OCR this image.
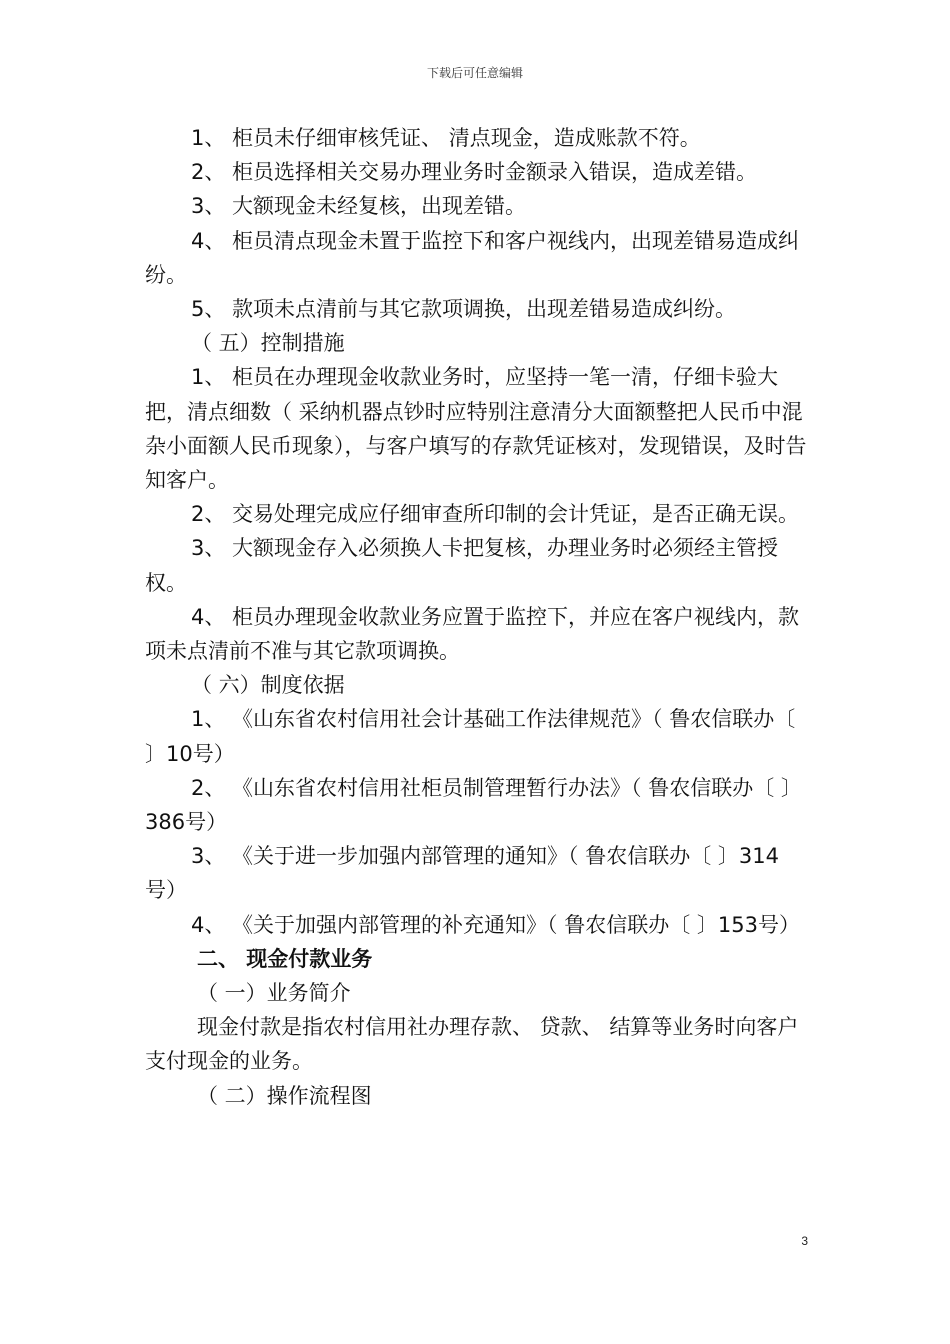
下载后可任意编辑

1、 柜员未仔细审核凭证、 清点现金，造成账款不符。

2、 柜员选择相关交易办理业务时金额录入错误，造成差错。

3、 大额现金未经复核，出现差错。

4、 柜员清点现金未置于监控下和客户视线内，出现差错易造成纠纷。

5、 款项未点清前与其它款项调换，出现差错易造成纠纷。

（ 五）控制措施

1、 柜员在办理现金收款业务时，应坚持一笔一清，仔细卡验大把，清点细数（ 采纳机器点钞时应特别注意清分大面额整把人民币中混杂小面额人民币现象），与客户填写的存款凭证核对，发现错误，及时告知客户。

2、 交易处理完成应仔细审查所印制的会计凭证，是否正确无误。

3、 大额现金存入必须换人卡把复核，办理业务时必须经主管授权。

4、 柜员办理现金收款业务应置于监控下，并应在客户视线内，款项未点清前不准与其它款项调换。

（ 六）制度依据

1、 《山东省农村信用社会计基础工作法律规范》（ 鲁农信联办〔 〕10号）

2、 《山东省农村信用社柜员制管理暂行办法》（ 鲁农信联办〔 〕386号）

3、 《关于进一步加强内部管理的通知》（ 鲁农信联办〔 〕314号）

4、 《关于加强内部管理的补充通知》（ 鲁农信联办〔 〕153号）

二、 现金付款业务

（ 一）业务简介

现金付款是指农村信用社办理存款、 贷款、 结算等业务时向客户支付现金的业务。

（ 二）操作流程图

3
